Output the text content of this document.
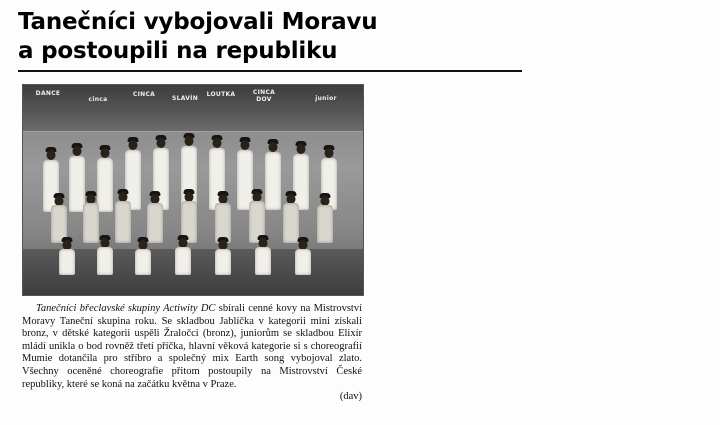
Tanečníci vybojovali Moravu
a postoupili na republiku
DANCE
cinca
CINCA
SLAVÍN
LOUTKA	CINCA DOV	junior

Tanečníci břeclavské skupiny Actiwity DC sbírali cenné kovy na Mistrovství Moravy Taneční skupina roku. Se skladbou Jablíčka v kategorii mini získali bronz, v dětské kategorii uspěli Žraločci (bronz), juniorům se skladbou Elixír mládí unikla o bod rovněž třetí příčka, hlavní věková kategorie si s choreografií Mumie dotančila pro stříbro a společný mix Earth song vybojoval zlato. Všechny oceněné choreografie přitom postoupily na Mistrovství České republiky, které se koná na začátku května v Praze.
(dav)
